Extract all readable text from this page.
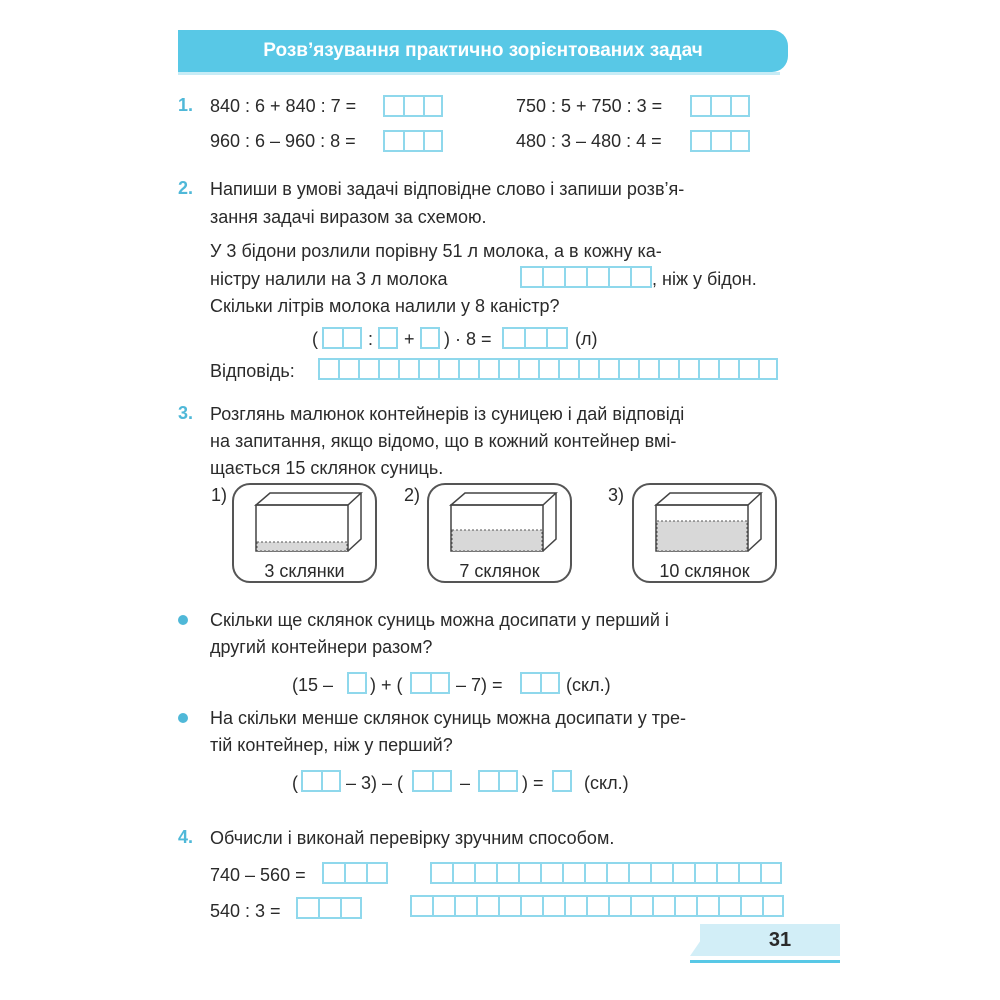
Розв’язування практично зорієнтованих задач
1. 840 : 6 + 840 : 7 =	750 : 5 + 750 : 3 =
960 : 6 – 960 : 8 =	480 : 3 – 480 : 4 =
2. Напиши в умові задачі відповідне слово і запиши розв’я-
зання задачі виразом за схемою.
У 3 бідони розлили порівну 51 л молока, а в кожну ка-
ністру налили на 3 л молока	, ніж у бідон.
Скільки літрів молока налили у 8 каністр?
(	: + ) · 8 =	(л)
Відповідь:
3. Розглянь малюнок контейнерів із суницею і дай відповіді
на запитання, якщо відомо, що в кожний контейнер вмі-
щається 15 склянок суниць.
1)
3 склянки
2)
7 склянок
3)
10 склянок
Скільки ще склянок суниць можна досипати у перший і
другий контейнери разом?
(15 – ) + (	– 7) =	(скл.)
На скільки менше склянок суниць можна досипати у тре-
тій контейнер, ніж у перший?
(	– 3) – (	–	) = (скл.)
4. Обчисли і виконай перевірку зручним способом.
740 – 560 =
540 : 3 =
31
